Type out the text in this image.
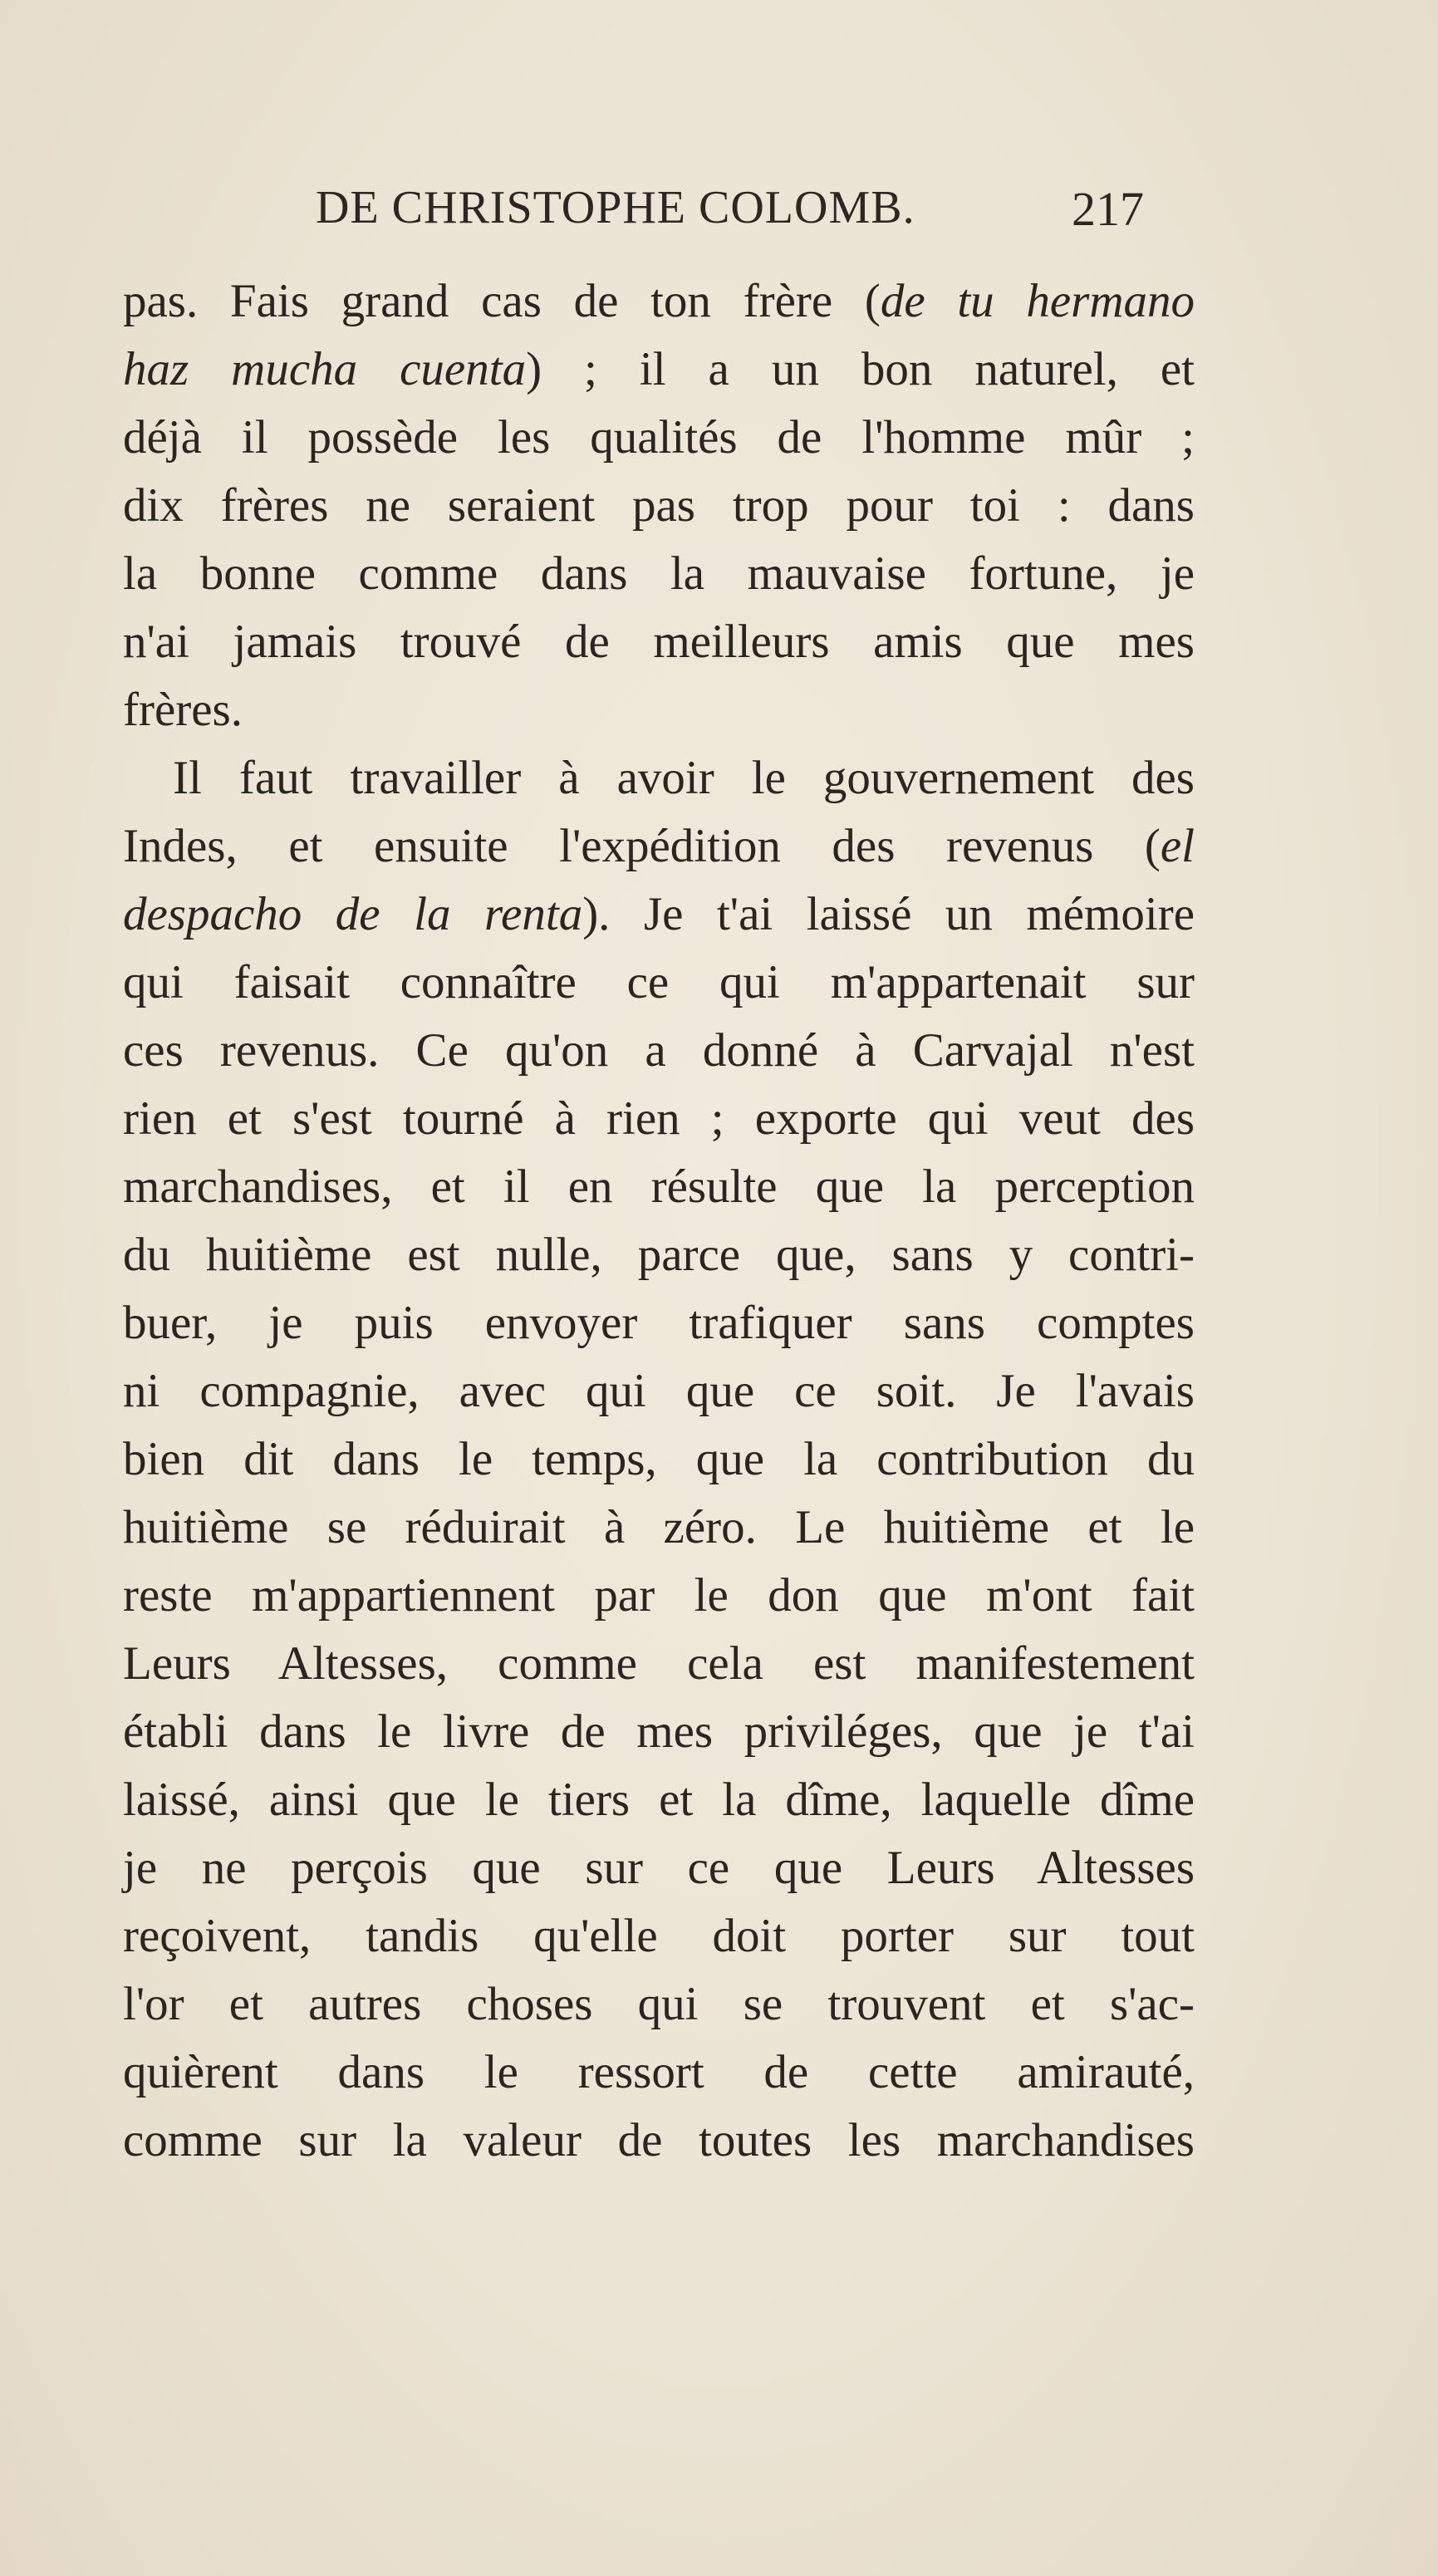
DE CHRISTOPHE COLOMB.	217
pas. Fais grand cas de ton frère (de tu hermano
haz mucha cuenta) ; il a un bon naturel, et
déjà il possède les qualités de l'homme mûr ;
dix frères ne seraient pas trop pour toi : dans
la bonne comme dans la mauvaise fortune, je
n'ai jamais trouvé de meilleurs amis que mes
frères.
Il faut travailler à avoir le gouvernement des
Indes, et ensuite l'expédition des revenus (el
despacho de la renta). Je t'ai laissé un mémoire
qui faisait connaître ce qui m'appartenait sur
ces revenus. Ce qu'on a donné à Carvajal n'est
rien et s'est tourné à rien ; exporte qui veut des
marchandises, et il en résulte que la perception
du huitième est nulle, parce que, sans y contri-
buer, je puis envoyer trafiquer sans comptes
ni compagnie, avec qui que ce soit. Je l'avais
bien dit dans le temps, que la contribution du
huitième se réduirait à zéro. Le huitième et le
reste m'appartiennent par le don que m'ont fait
Leurs Altesses, comme cela est manifestement
établi dans le livre de mes priviléges, que je t'ai
laissé, ainsi que le tiers et la dîme, laquelle dîme
je ne perçois que sur ce que Leurs Altesses
reçoivent, tandis qu'elle doit porter sur tout
l'or et autres choses qui se trouvent et s'ac-
quièrent dans le ressort de cette amirauté,
comme sur la valeur de toutes les marchandises
